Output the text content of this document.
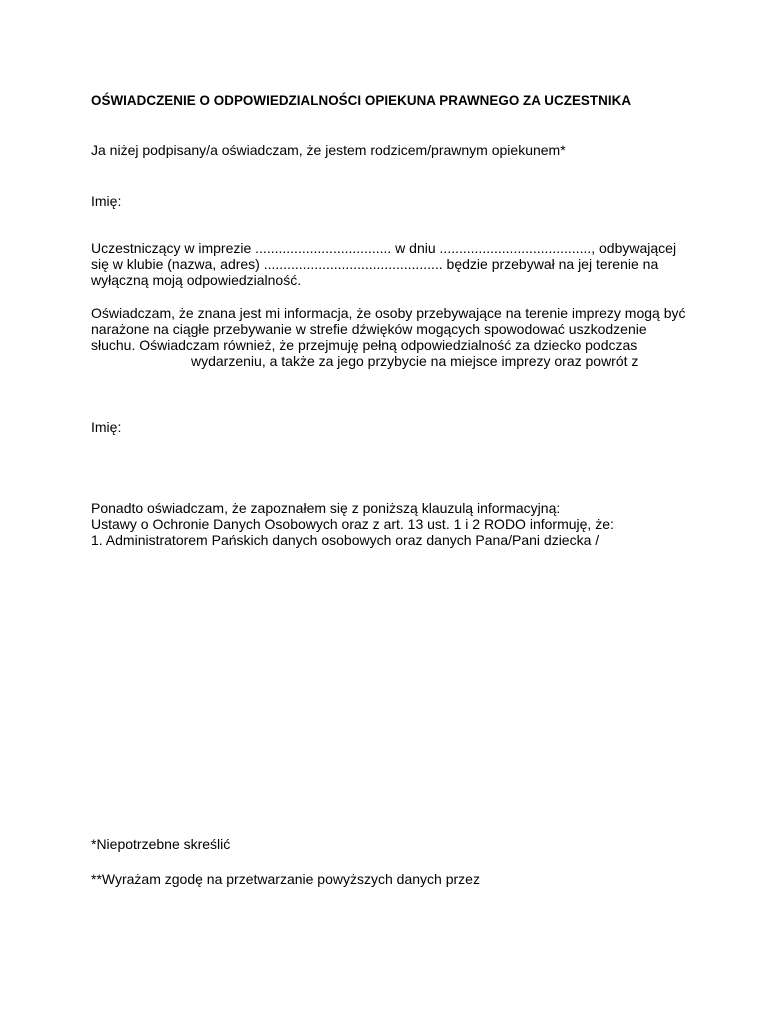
OŚWIADCZENIE O ODPOWIEDZIALNOŚCI OPIEKUNA PRAWNEGO ZA UCZESTNIKA
Ja niżej podpisany/a oświadczam, że jestem rodzicem/prawnym opiekunem*
Imię:
Uczestniczący w imprezie ................................... w dniu ......................................., odbywającej
się w klubie (nazwa, adres) .............................................. będzie przebywał na jej terenie na
wyłączną moją odpowiedzialność.
Oświadczam, że znana jest mi informacja, że osoby przebywające na terenie imprezy mogą być
narażone na ciągłe przebywanie w strefie dźwięków mogących spowodować uszkodzenie
słuchu. Oświadczam również, że przejmuję pełną odpowiedzialność za dziecko podczas
wydarzeniu, a także za jego przybycie na miejsce imprezy oraz powrót z
Imię:
Ponadto oświadczam, że zapoznałem się z poniższą klauzulą informacyjną:
Ustawy o Ochronie Danych Osobowych oraz z art. 13 ust. 1 i 2 RODO informuję, że:
1. Administratorem Pańskich danych osobowych oraz danych Pana/Pani dziecka /
*Niepotrzebne skreślić
**Wyrażam zgodę na przetwarzanie powyższych danych przez
